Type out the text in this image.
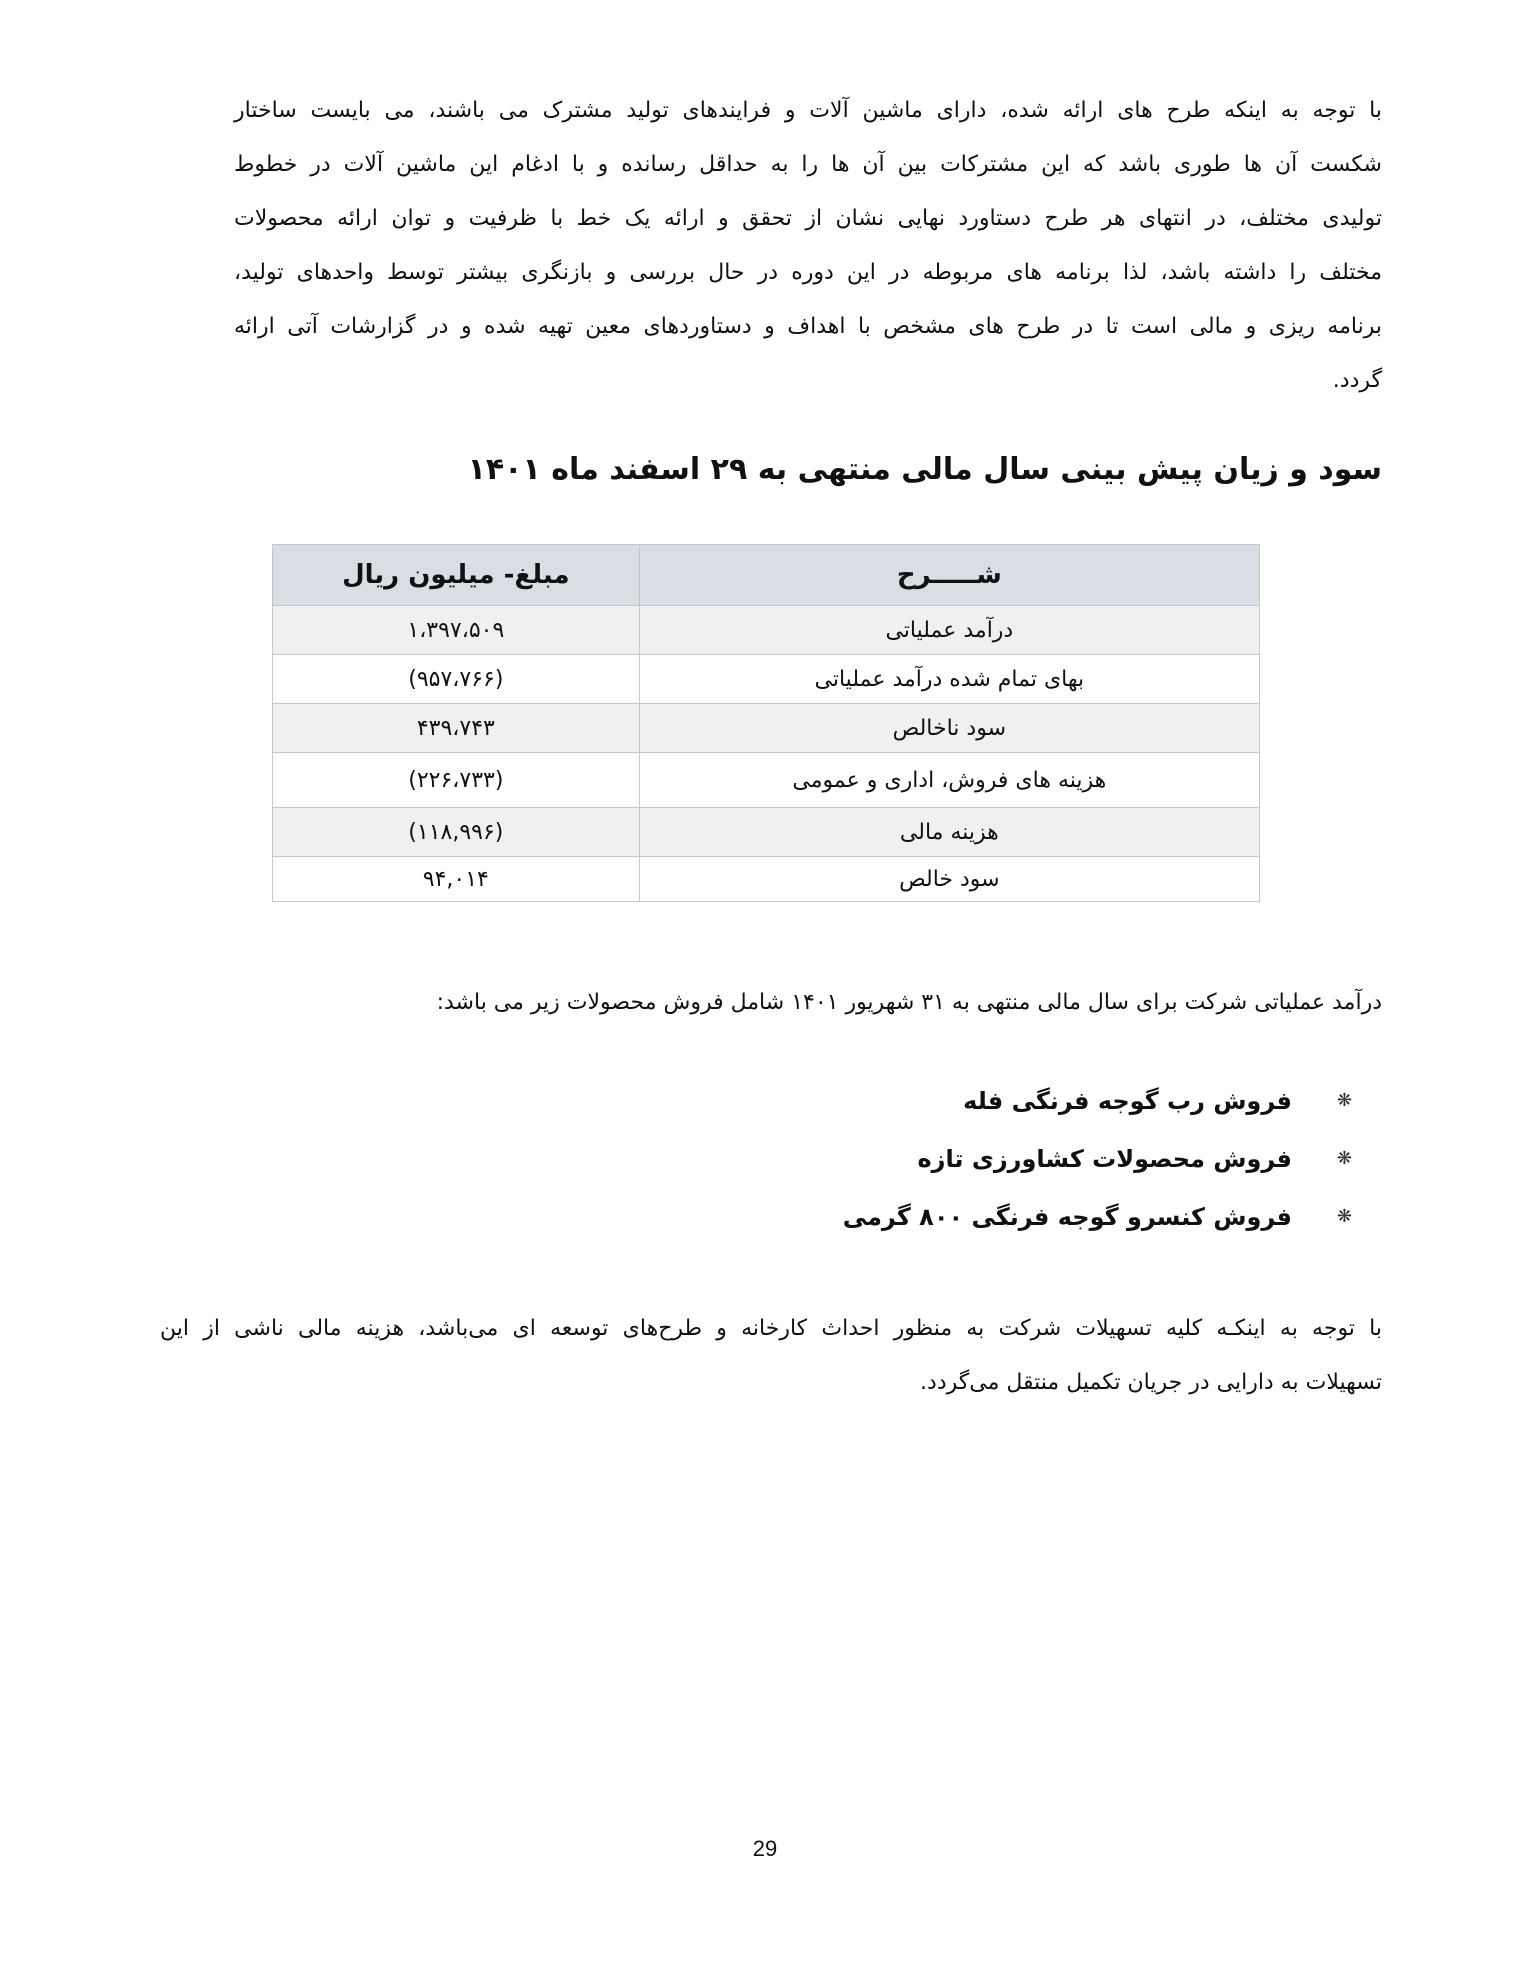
با توجه به اینکه طرح های ارائه شده، دارای ماشین آلات و فرایندهای تولید مشترک می باشند، می بایست ساختار
شکست آن ها طوری باشد که این مشترکات بین آن ها را به حداقل رسانده و با ادغام این ماشین آلات در خطوط
تولیدی مختلف، در انتهای هر طرح دستاورد نهایی نشان از تحقق و ارائه یک خط با ظرفیت و توان ارائه محصولات
مختلف را داشته باشد، لذا برنامه های مربوطه در این دوره در حال بررسی و بازنگری بیشتر توسط واحدهای تولید،
برنامه ریزی و مالی است تا در طرح های مشخص با اهداف و دستاوردهای معین تهیه شده و در گزارشات آتی ارائه
گردد.
سود و زیان پیش بینی سال مالی منتهی به ۲۹ اسفند ماه ۱۴۰۱
شـــــرح	مبلغ- میلیون ریال
درآمد عملیاتی	۱،۳۹۷،۵۰۹
بهای تمام شده درآمد عملیاتی	(۹۵۷،۷۶۶)
سود ناخالص	۴۳۹،۷۴۳
هزینه های فروش، اداری و عمومی	(۲۲۶،۷۳۳)
هزینه مالی	(۱۱۸,۹۹۶)
سود خالص	۹۴,۰۱۴
درآمد عملیاتی شرکت برای سال مالی منتهی به ۳۱ شهریور ۱۴۰۱ شامل فروش محصولات زیر می باشد:
❋
فروش رب گوجه فرنگی فله
❋
فروش محصولات کشاورزی تازه
❋
فروش کنسرو گوجه فرنگی ۸۰۰ گرمی
با توجه به اینکـه کلیه تسهیلات شرکت به منظور احداث کارخانه و طرح‌های توسعه ای می‌باشد، هزینه مالی ناشی از این
تسهیلات به دارایی در جریان تکمیل منتقل می‌گردد.
29
